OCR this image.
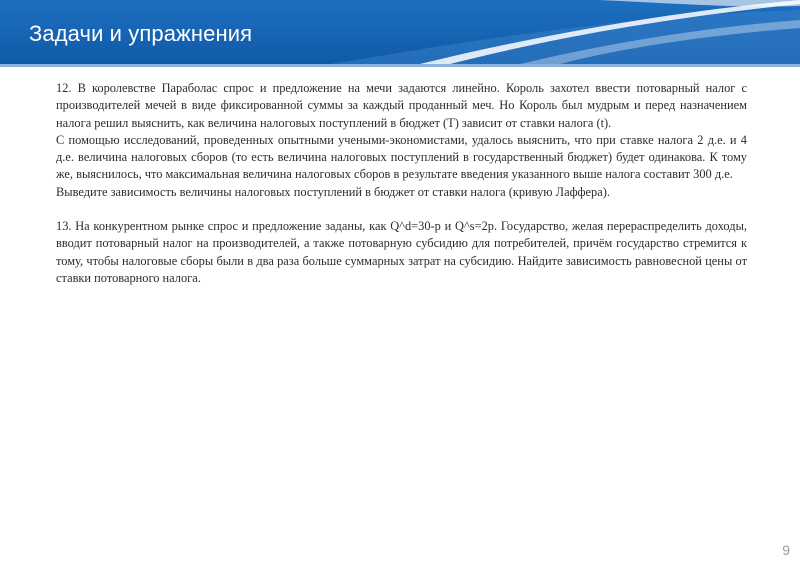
Задачи и упражнения

12. В королевстве Параболас спрос и предложение на мечи задаются линейно. Король захотел ввести потоварный налог с производителей мечей в виде фиксированной суммы за каждый проданный меч. Но Король был мудрым и перед назначением налога решил выяснить, как величина налоговых поступлений в бюджет (T) зависит от ставки налога (t).

С помощью исследований, проведенных опытными учеными-экономистами, удалось выяснить, что при ставке налога 2 д.е. и 4 д.е. величина налоговых сборов (то есть величина налоговых поступлений в государственный бюджет) будет одинакова. К тому же, выяснилось, что максимальная величина налоговых сборов в результате введения указанного выше налога составит 300 д.е.

Выведите зависимость величины налоговых поступлений в бюджет от ставки налога (кривую Лаффера).

13. На конкурентном рынке спрос и предложение заданы, как Q^d=30-p и Q^s=2p. Государство, желая перераспределить доходы, вводит потоварный налог на производителей, а также потоварную субсидию для потребителей, причём государство стремится к тому, чтобы налоговые сборы были в два раза больше суммарных затрат на субсидию. Найдите зависимость равновесной цены от ставки потоварного налога.

9
